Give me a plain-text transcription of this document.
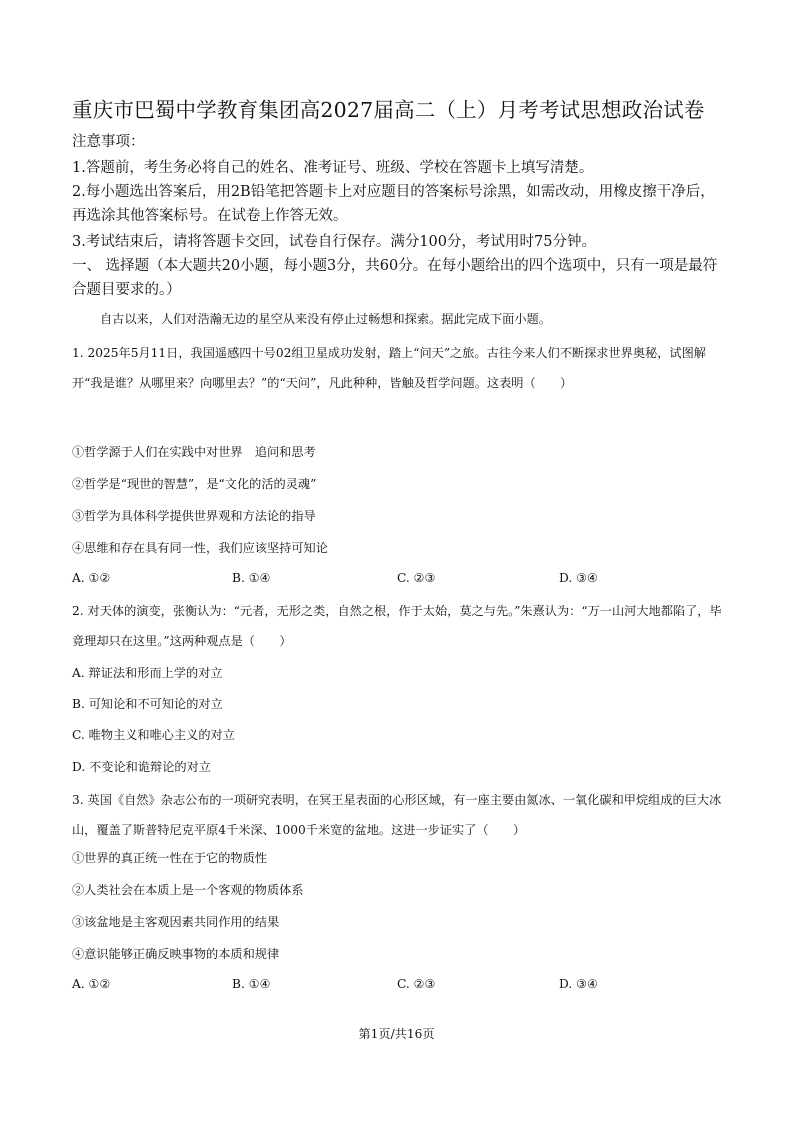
重庆市巴蜀中学教育集团高2027届高二（上）月考考试思想政治试卷
注意事项：
1.答题前，考生务必将自己的姓名、准考证号、班级、学校在答题卡上填写清楚。
2.每小题选出答案后，用2B铅笔把答题卡上对应题目的答案标号涂黑，如需改动，用橡皮擦干净后，再选涂其他答案标号。在试卷上作答无效。
3.考试结束后，请将答题卡交回，试卷自行保存。满分100分，考试用时75分钟。
一、 选择题（本大题共20小题，每小题3分，共60分。在每小题给出的四个选项中，只有一项是最符合题目要求的。）
自古以来，人们对浩瀚无边的星空从来没有停止过畅想和探索。据此完成下面小题。
1. 2025年5月11日，我国遥感四十号02组卫星成功发射，踏上“问天”之旅。古往今来人们不断探求世界奥秘，试图解开“我是谁？从哪里来？向哪里去？”的“天问”，凡此种种，皆触及哲学问题。这表明（　　）
①哲学源于人们在实践中对世界　追问和思考
②哲学是“现世的智慧”，是“文化的活的灵魂”
③哲学为具体科学提供世界观和方法论的指导
④思维和存在具有同一性，我们应该坚持可知论
A. ①②	B. ①④	C. ②③	D. ③④
2. 对天体的演变，张衡认为：“元者，无形之类，自然之根，作于太始，莫之与先。”朱熹认为：“万一山河大地都陷了，毕竟理却只在这里。”这两种观点是（　　）
A. 辩证法和形而上学的对立
B. 可知论和不可知论的对立
C. 唯物主义和唯心主义的对立
D. 不变论和诡辩论的对立
3. 英国《自然》杂志公布的一项研究表明，在冥王星表面的心形区域，有一座主要由氮冰、一氧化碳和甲烷组成的巨大冰山，覆盖了斯普特尼克平原4千米深、1000千米宽的盆地。这进一步证实了（　　）
①世界的真正统一性在于它的物质性
②人类社会在本质上是一个客观的物质体系
③该盆地是主客观因素共同作用的结果
④意识能够正确反映事物的本质和规律
A. ①②	B. ①④	C. ②③	D. ③④
第1页/共16页
